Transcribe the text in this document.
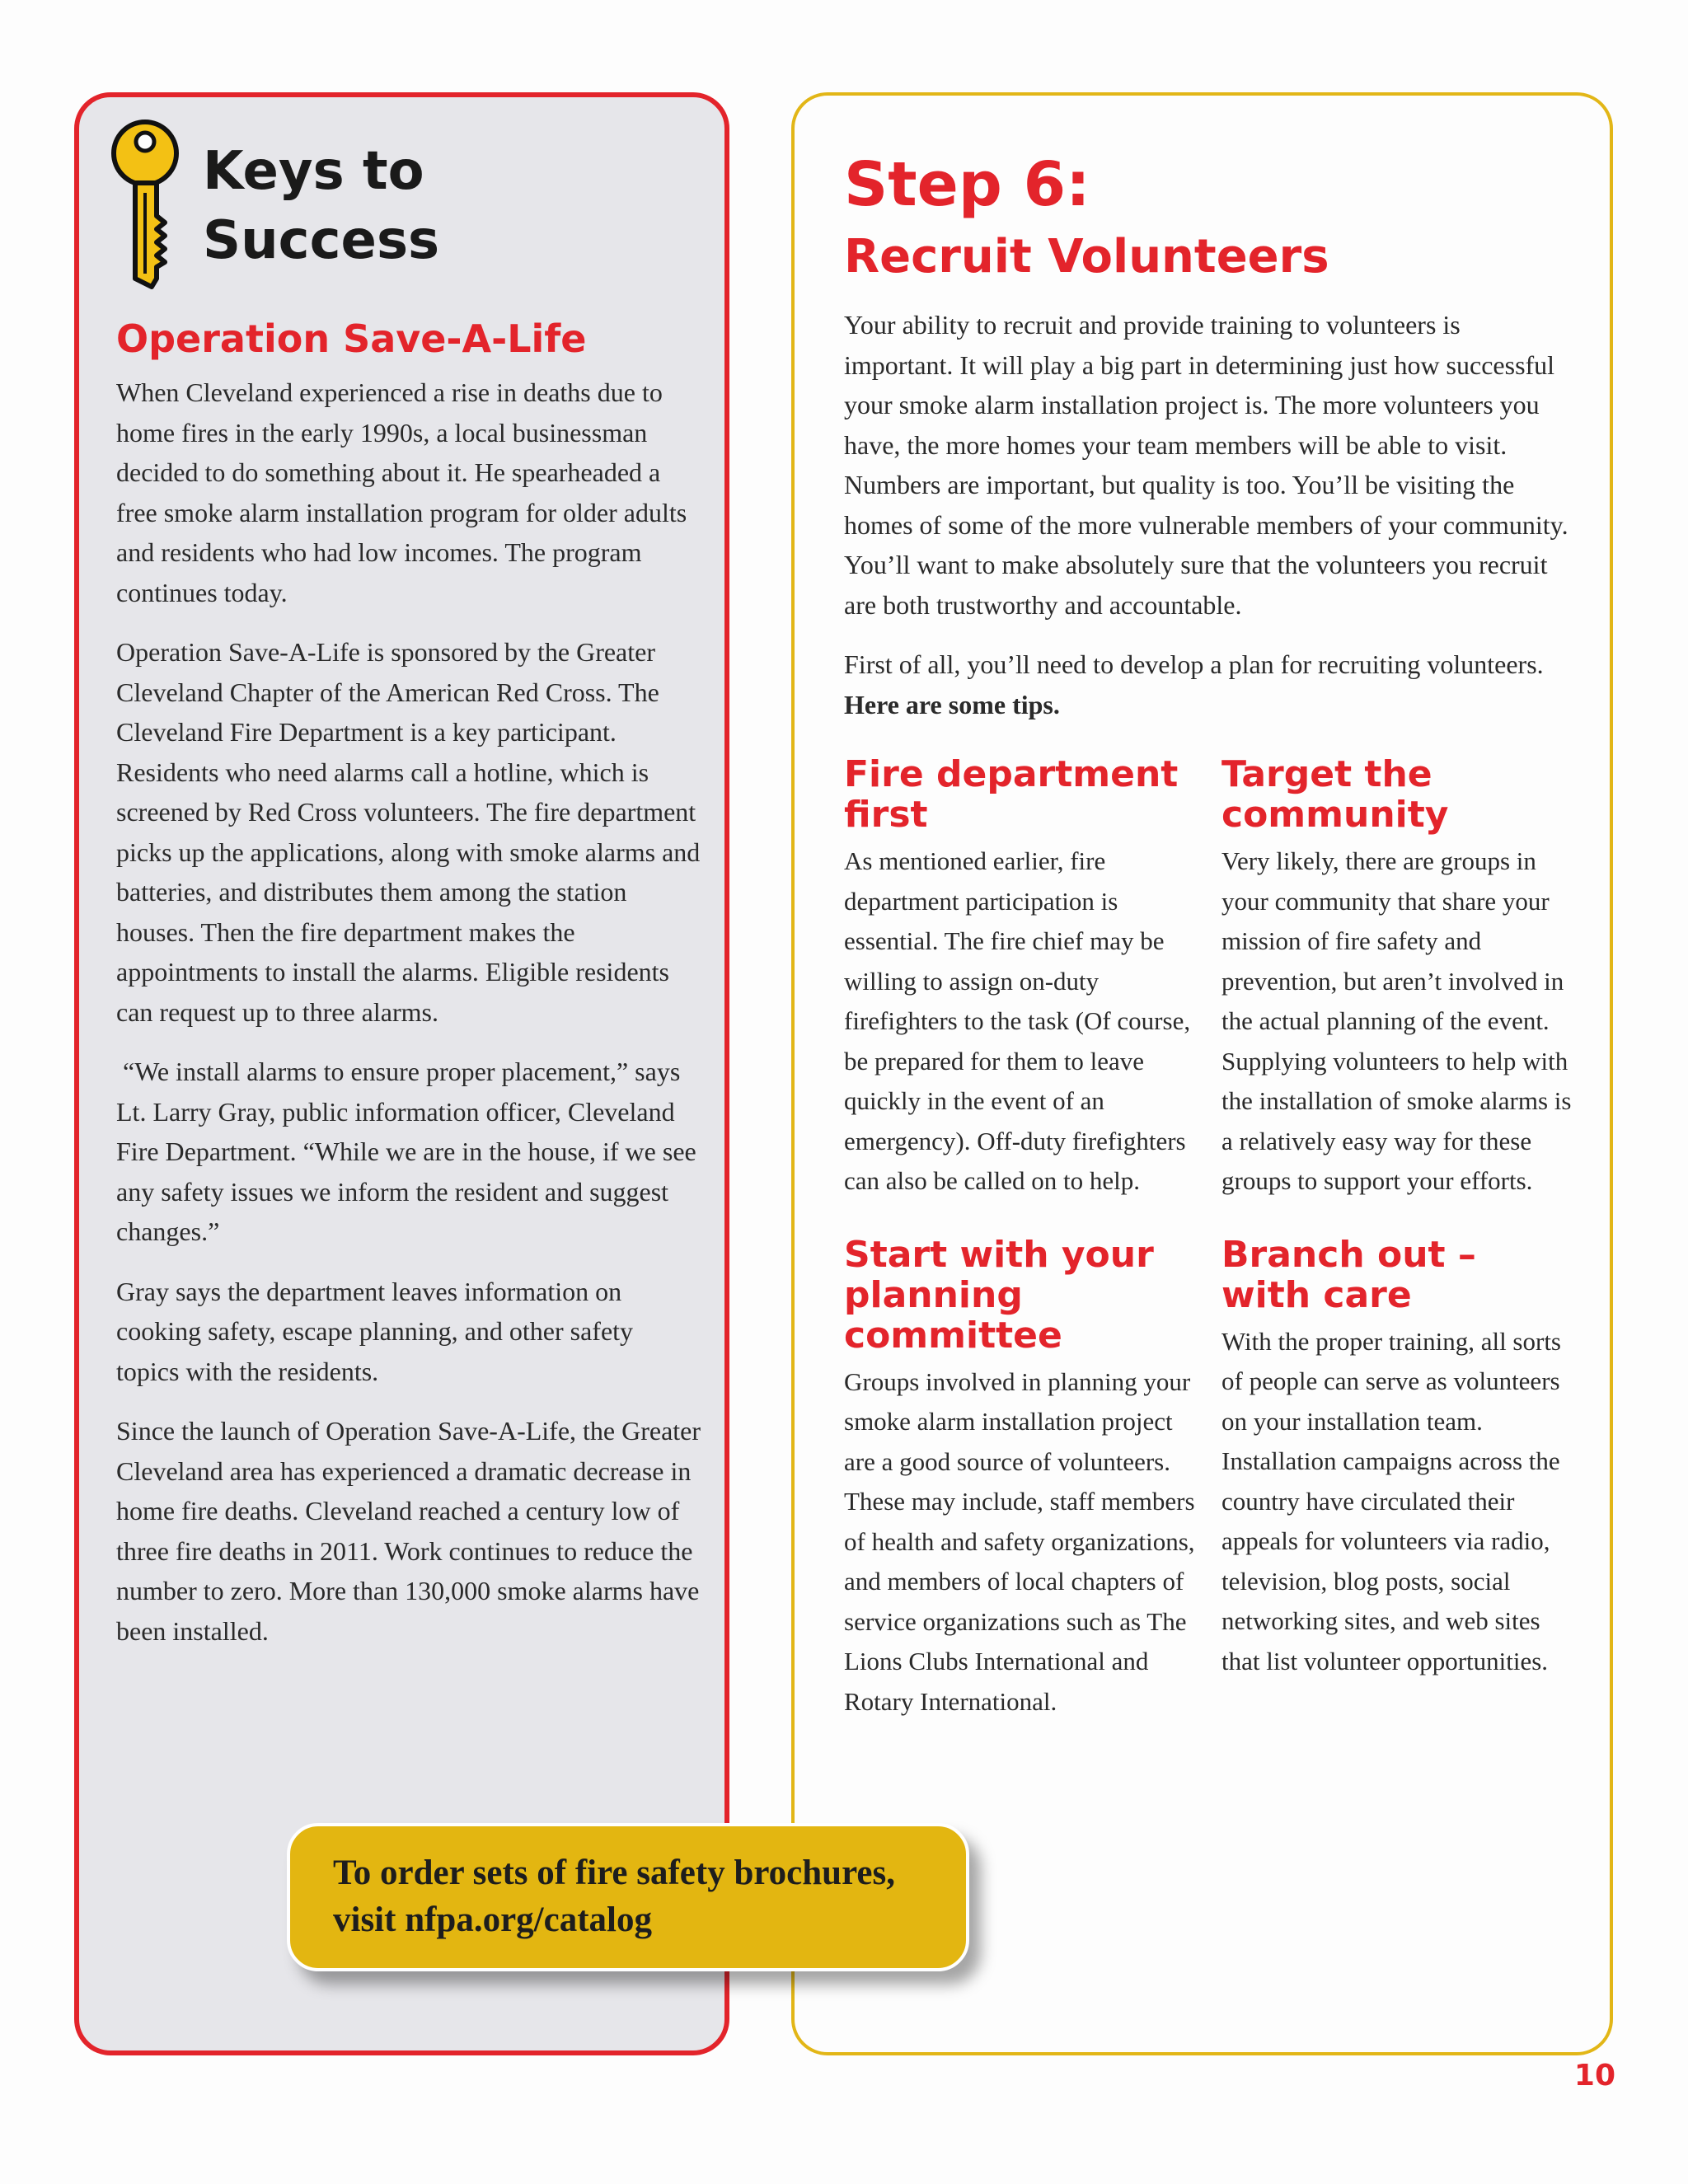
Keys to
Success
Operation Save-A-Life

When Cleveland experienced a rise in deaths due to home fires in the early 1990s, a local businessman decided to do something about it. He spearheaded a free smoke alarm installation program for older adults and residents who had low incomes. The program continues today.

Operation Save-A-Life is sponsored by the Greater Cleveland Chapter of the American Red Cross. The Cleveland Fire Department is a key participant. Residents who need alarms call a hotline, which is screened by Red Cross volunteers. The fire department picks up the applications, along with smoke alarms and batteries, and distributes them among the station houses. Then the fire department makes the appointments to install the alarms. Eligible residents can request up to three alarms.

“We install alarms to ensure proper placement,” says Lt. Larry Gray, public information officer, Cleveland Fire Department. “While we are in the house, if we see any safety issues we inform the resident and suggest changes.”

Gray says the department leaves information on cooking safety, escape planning, and other safety topics with the residents.

Since the launch of Operation Save-A-Life, the Greater Cleveland area has experienced a dramatic decrease in home fire deaths. Cleveland reached a century low of three fire deaths in 2011. Work continues to reduce the number to zero. More than 130,000 smoke alarms have been installed.

Step 6:
Recruit Volunteers

Your ability to recruit and provide training to volunteers is important. It will play a big part in determining just how successful your smoke alarm installation project is. The more volunteers you have, the more homes your team members will be able to visit. Numbers are important, but quality is too. You’ll be visiting the homes of some of the more vulnerable members of your community. You’ll want to make absolutely sure that the volunteers you recruit are both trustworthy and accountable.

First of all, you’ll need to develop a plan for recruiting volunteers. Here are some tips.

Fire department first

As mentioned earlier, fire department participation is essential. The fire chief may be willing to assign on-duty firefighters to the task (Of course, be prepared for them to leave quickly in the event of an emergency). Off-duty firefighters can also be called on to help.

Target the community

Very likely, there are groups in your community that share your mission of fire safety and prevention, but aren’t involved in the actual planning of the event. Supplying volunteers to help with the installation of smoke alarms is a relatively easy way for these groups to support your efforts.

Start with your planning committee

Groups involved in planning your smoke alarm installation project are a good source of volunteers. These may include, staff members of health and safety organizations, and members of local chapters of service organizations such as The Lions Clubs International and Rotary International.

Branch out – with care

With the proper training, all sorts of people can serve as volunteers on your installation team. Installation campaigns across the country have circulated their appeals for volunteers via radio, television, blog posts, social networking sites, and web sites that list volunteer opportunities.

To order sets of fire safety brochures,
visit nfpa.org/catalog
10
